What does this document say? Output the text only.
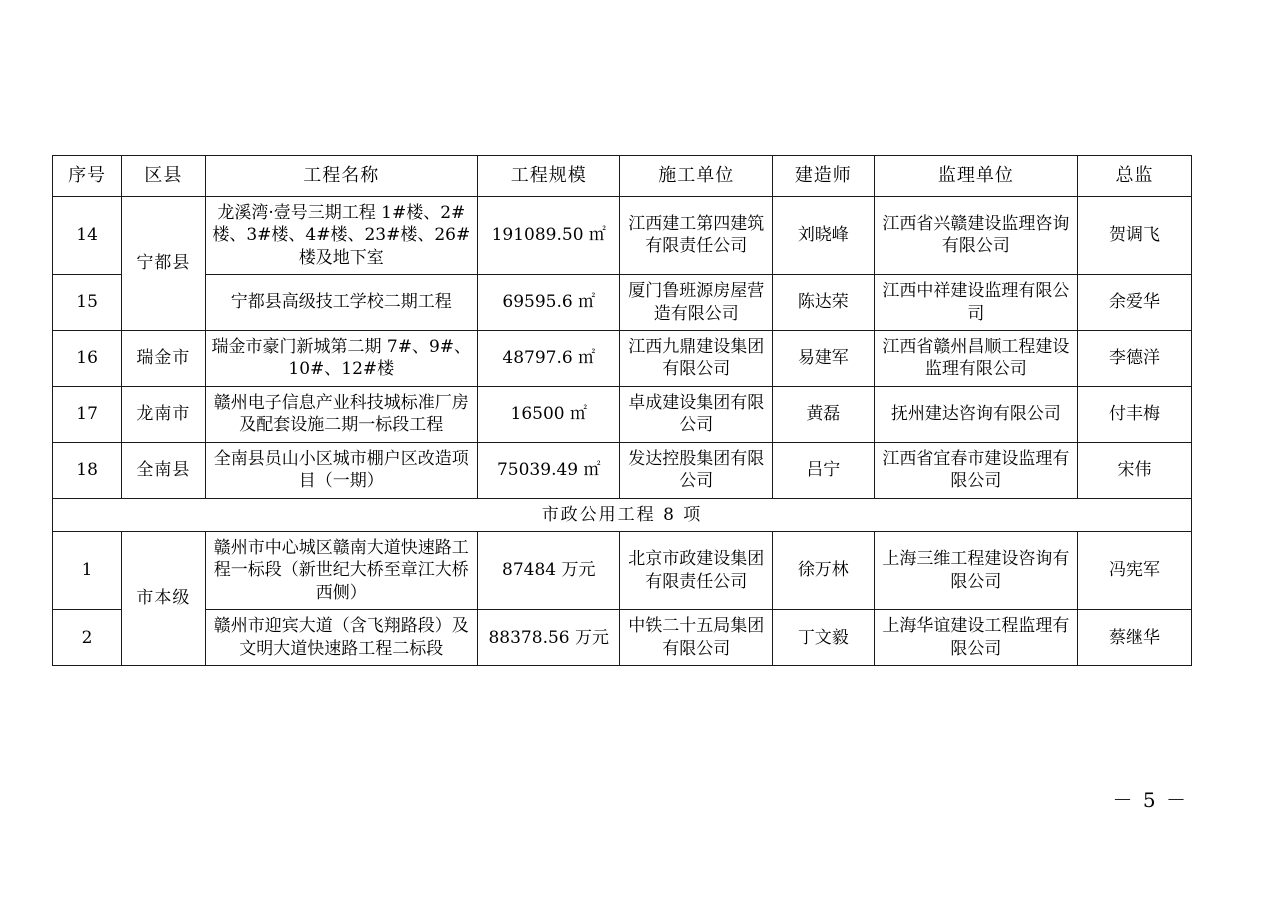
序号	区县	工程名称	工程规模	施工单位	建造师	监理单位	总监
14	宁都县	龙溪湾·壹号三期工程 1#楼、2#楼、3#楼、4#楼、23#楼、26#楼及地下室	191089.50 ㎡	江西建工第四建筑有限责任公司	刘晓峰	江西省兴赣建设监理咨询有限公司	贺调飞
15		宁都县高级技工学校二期工程	69595.6 ㎡	厦门鲁班源房屋营造有限公司	陈达荣	江西中祥建设监理有限公司	余爱华
16	瑞金市	瑞金市豪门新城第二期 7#、9#、10#、12#楼	48797.6 ㎡	江西九鼎建设集团有限公司	易建军	江西省赣州昌顺工程建设监理有限公司	李德洋
17	龙南市	赣州电子信息产业科技城标准厂房及配套设施二期一标段工程	16500 ㎡	卓成建设集团有限公司	黄磊	抚州建达咨询有限公司	付丰梅
18	全南县	全南县员山小区城市棚户区改造项目（一期）	75039.49 ㎡	发达控股集团有限公司	吕宁	江西省宜春市建设监理有限公司	宋伟
市政公用工程 8 项							
1	市本级	赣州市中心城区赣南大道快速路工程一标段（新世纪大桥至章江大桥西侧）	87484 万元	北京市政建设集团有限责任公司	徐万林	上海三维工程建设咨询有限公司	冯宪军
2		赣州市迎宾大道（含飞翔路段）及文明大道快速路工程二标段	88378.56 万元	中铁二十五局集团有限公司	丁文毅	上海华谊建设工程监理有限公司	蔡继华
－ 5 －
